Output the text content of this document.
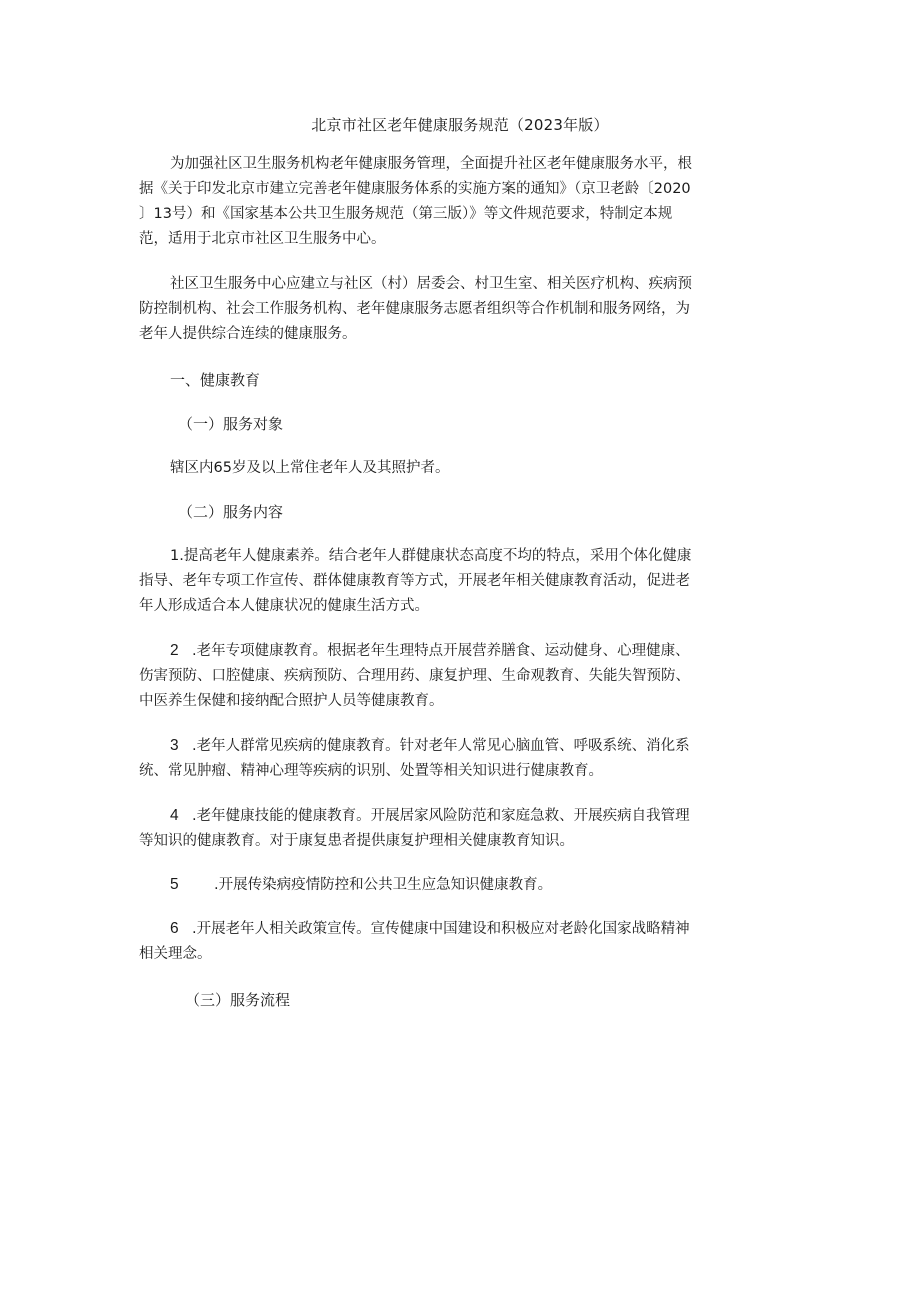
北京市社区老年健康服务规范（2023年版）
为加强社区卫生服务机构老年健康服务管理，全面提升社区老年健康服务水平，根
据《关于印发北京市建立完善老年健康服务体系的实施方案的通知》（京卫老龄〔2020
〕13号）和《国家基本公共卫生服务规范（第三版）》等文件规范要求，特制定本规
范，适用于北京市社区卫生服务中心。
社区卫生服务中心应建立与社区（村）居委会、村卫生室、相关医疗机构、疾病预
防控制机构、社会工作服务机构、老年健康服务志愿者组织等合作机制和服务网络，为
老年人提供综合连续的健康服务。
一、健康教育
（一）服务对象
辖区内65岁及以上常住老年人及其照护者。
（二）服务内容
1.提高老年人健康素养。结合老年人群健康状态高度不均的特点，采用个体化健康
指导、老年专项工作宣传、群体健康教育等方式，开展老年相关健康教育活动，促进老
年人形成适合本人健康状况的健康生活方式。
2 .老年专项健康教育。根据老年生理特点开展营养膳食、运动健身、心理健康、
伤害预防、口腔健康、疾病预防、合理用药、康复护理、生命观教育、失能失智预防、
中医养生保健和接纳配合照护人员等健康教育。
3 .老年人群常见疾病的健康教育。针对老年人常见心脑血管、呼吸系统、消化系
统、常见肿瘤、精神心理等疾病的识别、处置等相关知识进行健康教育。
4 .老年健康技能的健康教育。开展居家风险防范和家庭急救、开展疾病自我管理
等知识的健康教育。对于康复患者提供康复护理相关健康教育知识。
5 .开展传染病疫情防控和公共卫生应急知识健康教育。
6 .开展老年人相关政策宣传。宣传健康中国建设和积极应对老龄化国家战略精神
相关理念。
（三）服务流程
